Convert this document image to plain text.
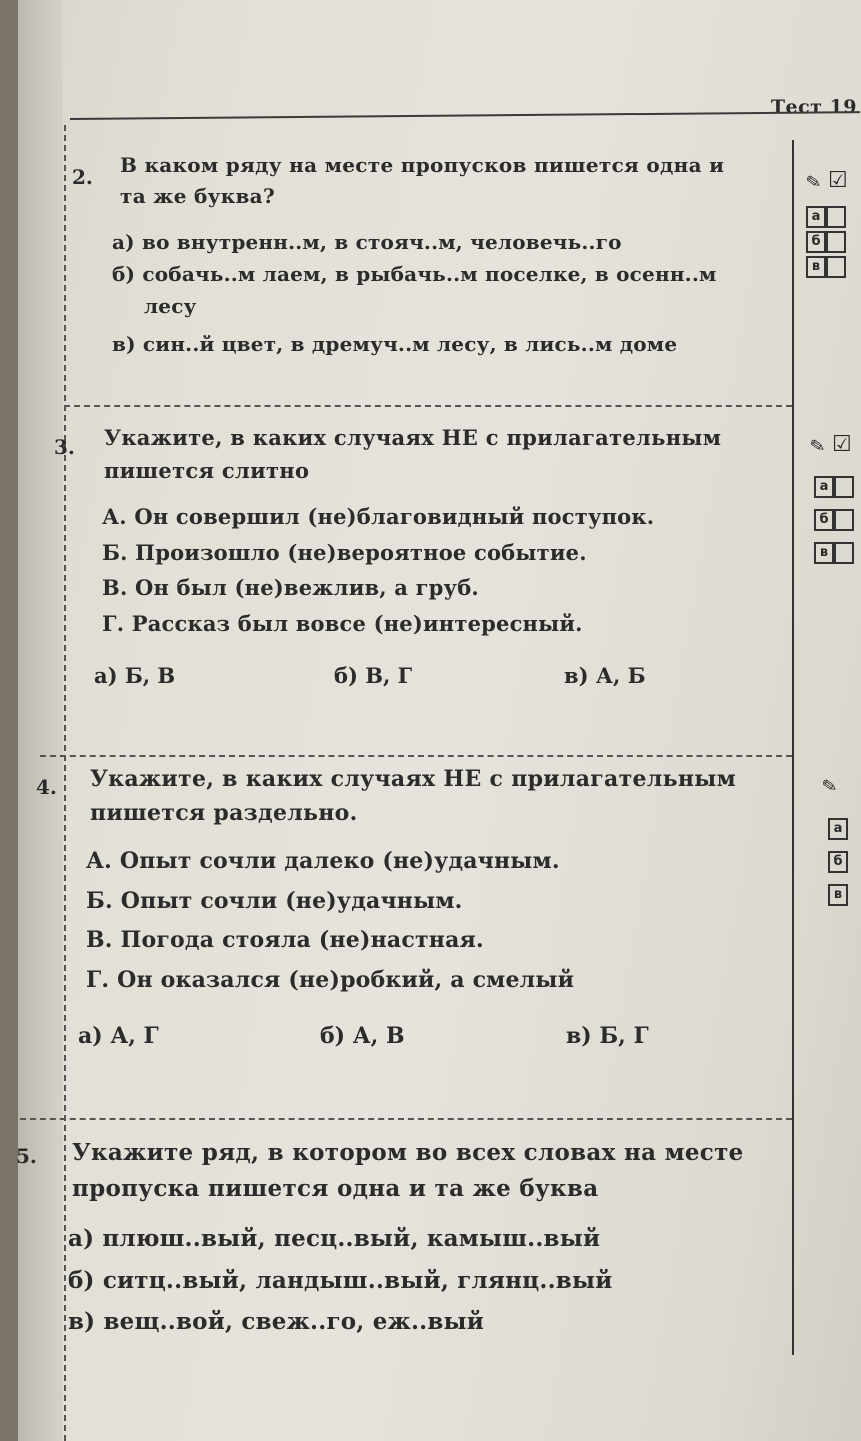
Тест 19
2. В каком ряду на месте пропусков пишется одна и
та же буква?
а) во внутренн..м, в стояч..м, человечь..го
б) собачь..м лаем, в рыбачь..м поселке, в осенн..м
лесу
в) син..й цвет, в дремуч..м лесу, в лись..м доме
3. Укажите, в каких случаях НЕ с прилагательным
пишется слитно
А. Он совершил (не)благовидный поступок.
Б. Произошло (не)вероятное событие.
В. Он был (не)вежлив, а груб.
Г. Рассказ был вовсе (не)интересный.
а) Б, В	б) В, Г	в) А, Б
4. Укажите, в каких случаях НЕ с прилагательным
пишется раздельно.
А. Опыт сочли далеко (не)удачным.
Б. Опыт сочли (не)удачным.
В. Погода стояла (не)настная.
Г. Он оказался (не)робкий, а смелый
а) А, Г	б) А, В	в) Б, Г
5. Укажите ряд, в котором во всех словах на месте
пропуска пишется одна и та же буква
а) плюш..вый, песц..вый, камыш..вый
б) ситц..вый, ландыш..вый, глянц..вый
в) вещ..вой, свеж..го, еж..вый
✎ ☑
а
б
в
✎ ☑
а
б
в
✎
а
б
в
